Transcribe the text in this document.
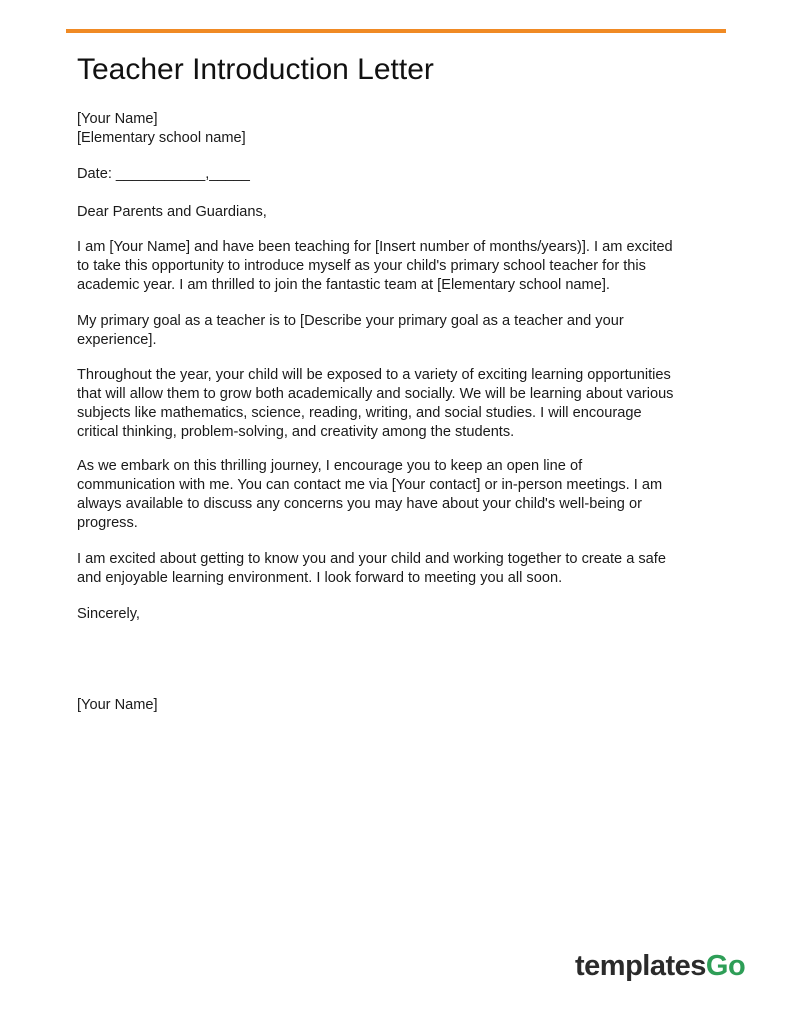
Teacher Introduction Letter
[Your Name]
[Elementary school name]
Date: ___________,_____
Dear Parents and Guardians,
I am [Your Name] and have been teaching for [Insert number of months/years)]. I am excited
to take this opportunity to introduce myself as your child's primary school teacher for this
academic year. I am thrilled to join the fantastic team at [Elementary school name].
My primary goal as a teacher is to [Describe your primary goal as a teacher and your
experience].
Throughout the year, your child will be exposed to a variety of exciting learning opportunities
that will allow them to grow both academically and socially. We will be learning about various
subjects like mathematics, science, reading, writing, and social studies. I will encourage
critical thinking, problem-solving, and creativity among the students.
As we embark on this thrilling journey, I encourage you to keep an open line of
communication with me. You can contact me via [Your contact] or in-person meetings. I am
always available to discuss any concerns you may have about your child's well-being or
progress.
I am excited about getting to know you and your child and working together to create a safe
and enjoyable learning environment. I look forward to meeting you all soon.
Sincerely,
[Your Name]
templatesGo
